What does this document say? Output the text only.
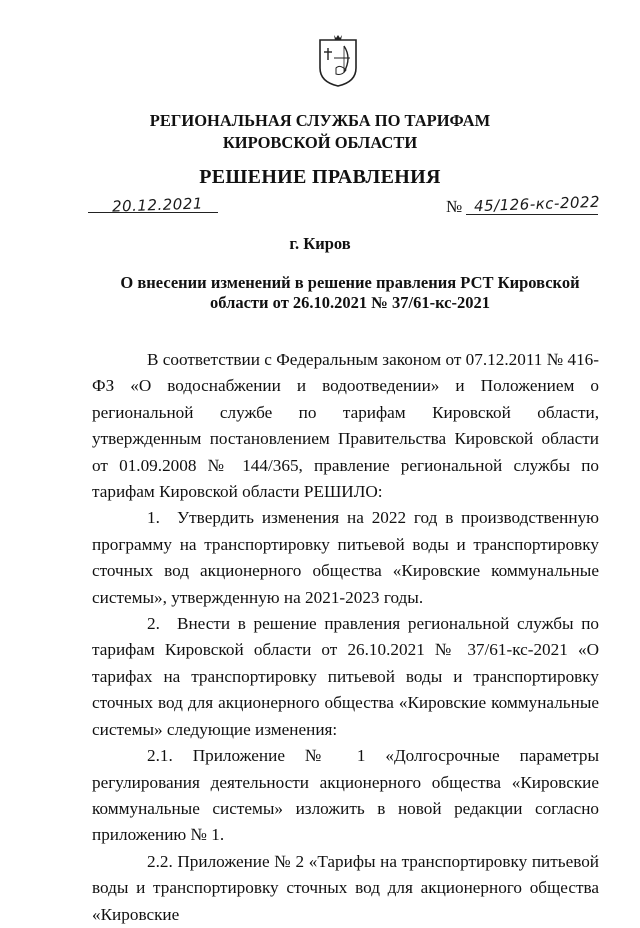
РЕГИОНАЛЬНАЯ СЛУЖБА ПО ТАРИФАМ
КИРОВСКОЙ ОБЛАСТИ
РЕШЕНИЕ ПРАВЛЕНИЯ
20.12.2021	№ 45/126-кс-2022
г. Киров
О внесении изменений в решение правления РСТ Кировской
области от 26.10.2021 № 37/61-кс-2021

В соответствии с Федеральным законом от 07.12.2011 № 416-ФЗ «О водоснабжении и водоотведении» и Положением о региональной службе по тарифам Кировской области, утвержденным постановлением Правительства Кировской области от 01.09.2008 № 144/365, правление региональной службы по тарифам Кировской области РЕШИЛО:

1. Утвердить изменения на 2022 год в производственную программу на транспортировку питьевой воды и транспортировку сточных вод акционерного общества «Кировские коммунальные системы», утвержденную на 2021-2023 годы.

2. Внести в решение правления региональной службы по тарифам Кировской области от 26.10.2021 № 37/61-кс-2021 «О тарифах на транспортировку питьевой воды и транспортировку сточных вод для акционерного общества «Кировские коммунальные системы» следующие изменения:

2.1. Приложение № 1 «Долгосрочные параметры регулирования деятельности акционерного общества «Кировские коммунальные системы» изложить в новой редакции согласно приложению № 1.

2.2. Приложение № 2 «Тарифы на транспортировку питьевой воды и транспортировку сточных вод для акционерного общества «Кировские
